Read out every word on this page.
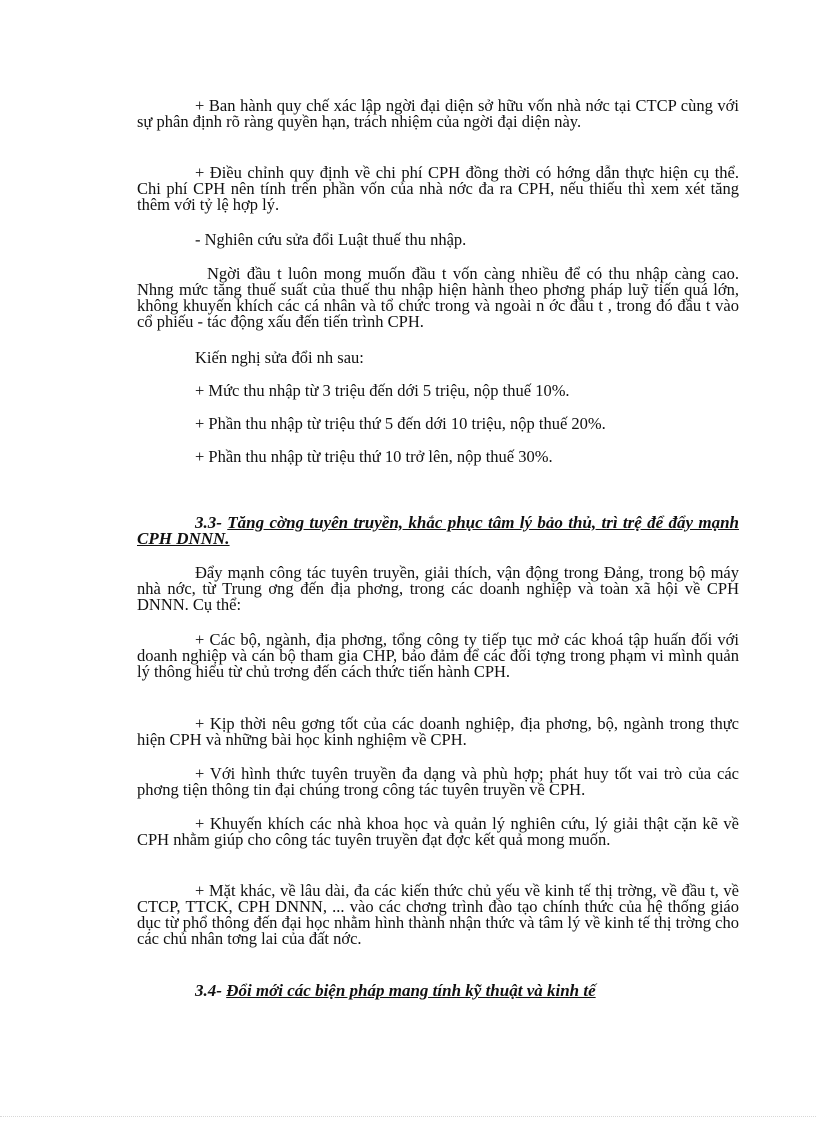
+ Ban hành quy chế xác lập ngời đại diện sở hữu vốn nhà nớc tại CTCP cùng với sự phân định rõ ràng quyền hạn, trách nhiệm của ngời đại diện này.

+ Điều chỉnh quy định về chi phí CPH đồng thời có hớng dẫn thực hiện cụ thể. Chi phí CPH nên tính trên phần vốn của nhà nớc đa ra CPH, nếu thiếu thì xem xét tăng thêm với tỷ lệ hợp lý.

- Nghiên cứu sửa đổi Luật thuế thu nhập.

Ngời đầu t luôn mong muốn đầu t vốn càng nhiều để có thu nhập càng cao. Nhng mức tăng thuế suất của thuế thu nhập hiện hành theo phơng pháp luỹ tiến quá lớn, không khuyến khích các cá nhân và tổ chức trong và ngoài n ớc đầu t , trong đó đầu t vào cổ phiếu - tác động xấu đến tiến trình CPH.

Kiến nghị sửa đổi nh sau:

+ Mức thu nhập từ 3 triệu đến dới 5 triệu, nộp thuế 10%.

+ Phần thu nhập từ triệu thứ 5 đến dới 10 triệu, nộp thuế 20%.

+ Phần thu nhập từ triệu thứ 10 trở lên, nộp thuế 30%.

3.3- Tăng cờng tuyên truyền, khắc phục tâm lý bảo thủ, trì trệ để đẩy mạnh CPH DNNN.

Đẩy mạnh công tác tuyên truyền, giải thích, vận động trong Đảng, trong bộ máy nhà nớc, từ Trung ơng đến địa phơng, trong các doanh nghiệp và toàn xã hội về CPH DNNN. Cụ thể:

+ Các bộ, ngành, địa phơng, tổng công ty tiếp tục mở các khoá tập huấn đối với doanh nghiệp và cán bộ tham gia CHP, bảo đảm để các đối tợng trong phạm vi mình quản lý thông hiểu từ chủ trơng đến cách thức tiến hành CPH.

+ Kịp thời nêu gơng tốt của các doanh nghiệp, địa phơng, bộ, ngành trong thực hiện CPH và những bài học kinh nghiệm về CPH.

+ Với hình thức tuyên truyền đa dạng và phù hợp; phát huy tốt vai trò của các phơng tiện thông tin đại chúng trong công tác tuyên truyền về CPH.

+ Khuyến khích các nhà khoa học và quản lý nghiên cứu, lý giải thật cặn kẽ về CPH nhằm giúp cho công tác tuyên truyền đạt đợc kết quả mong muốn.

+ Mặt khác, về lâu dài, đa các kiến thức chủ yếu về kinh tế thị trờng, về đầu t, về CTCP, TTCK, CPH DNNN, ... vào các chơng trình đào tạo chính thức của hệ thống giáo dục từ phổ thông đến đại học nhằm hình thành nhận thức và tâm lý về kinh tế thị trờng cho các chủ nhân tơng lai của đất nớc.

3.4- Đổi mới các biện pháp mang tính kỹ thuật và kinh tế
